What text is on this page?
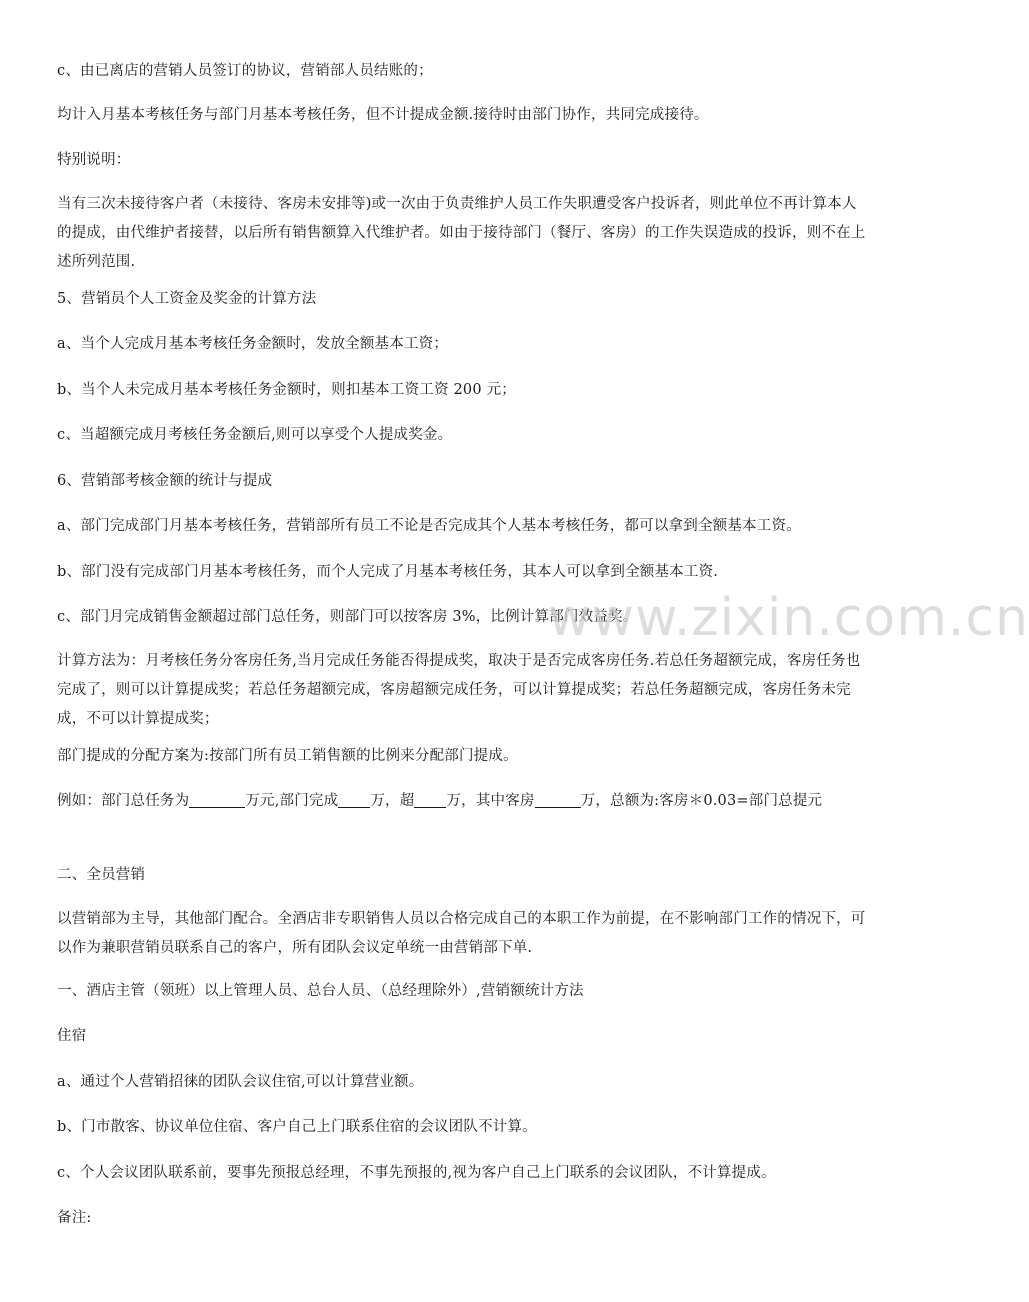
c、由已离店的营销人员签订的协议，营销部人员结账的；

均计入月基本考核任务与部门月基本考核任务，但不计提成金额.接待时由部门协作，共同完成接待。

特别说明：

当有三次未接待客户者（未接待、客房未安排等)或一次由于负责维护人员工作失职遭受客户投诉者，则此单位不再计算本人的提成，由代维护者接替，以后所有销售额算入代维护者。如由于接待部门（餐厅、客房）的工作失误造成的投诉，则不在上述所列范围.

5、营销员个人工资金及奖金的计算方法

a、当个人完成月基本考核任务金额时，发放全额基本工资；

b、当个人未完成月基本考核任务金额时，则扣基本工资工资 200 元；

c、当超额完成月考核任务金额后,则可以享受个人提成奖金。

6、营销部考核金额的统计与提成

a、部门完成部门月基本考核任务，营销部所有员工不论是否完成其个人基本考核任务，都可以拿到全额基本工资。

b、部门没有完成部门月基本考核任务，而个人完成了月基本考核任务，其本人可以拿到全额基本工资.

c、部门月完成销售金额超过部门总任务，则部门可以按客房 3%，比例计算部门效益奖。

计算方法为：月考核任务分客房任务,当月完成任务能否得提成奖，取决于是否完成客房任务.若总任务超额完成，客房任务也完成了，则可以计算提成奖；若总任务超额完成，客房超额完成任务，可以计算提成奖；若总任务超额完成，客房任务未完成，不可以计算提成奖；

部门提成的分配方案为:按部门所有员工销售额的比例来分配部门提成。

例如：部门总任务为	万元,部门完成 万，超 万，其中客房	万，总额为:客房＊0.03=部门总提元

二、全员营销

以营销部为主导，其他部门配合。全酒店非专职销售人员以合格完成自己的本职工作为前提，在不影响部门工作的情况下，可以作为兼职营销员联系自己的客户，所有团队会议定单统一由营销部下单.

一、酒店主管（领班）以上管理人员、总台人员、（总经理除外）,营销额统计方法

住宿

a、通过个人营销招徕的团队会议住宿,可以计算营业额。

b、门市散客、协议单位住宿、客户自己上门联系住宿的会议团队不计算。

c、个人会议团队联系前，要事先预报总经理，不事先预报的,视为客户自己上门联系的会议团队，不计算提成。

备注:

www.zixin.com.cn
